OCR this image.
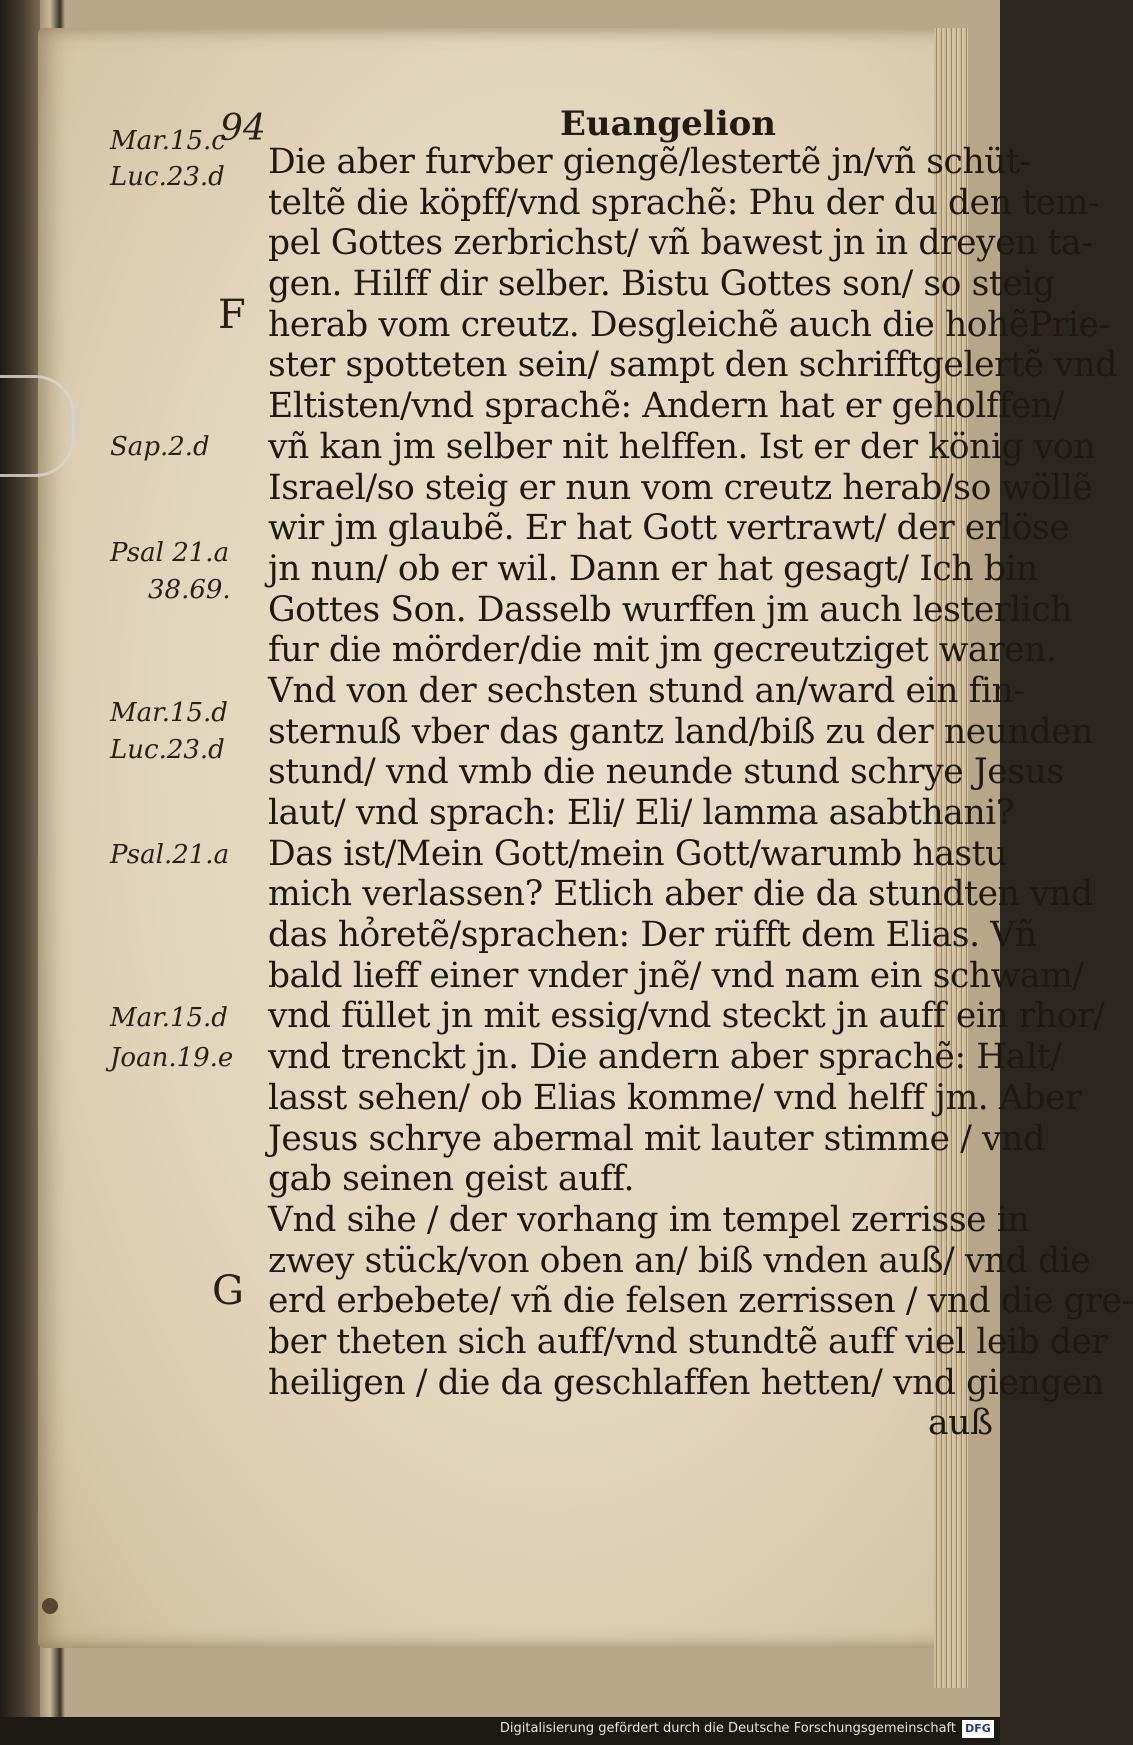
94	Euangelion
Mar.15.c
Luc.23.d
F
Sap.2.d
Psal 21.a
38.69.
Mar.15.d
Luc.23.d
Psal.21.a
Mar.15.d
Joan.19.e
G
Die aber furvber giengẽ/lestertẽ jn/vñ schüt-
teltẽ die köpff/vnd sprachẽ: Phu der du den tem-
pel Gottes zerbrichst/ vñ bawest jn in dreyen ta-
gen. Hilff dir selber. Bistu Gottes son/ so steig
herab vom creutz. Desgleichẽ auch die hohẽPrie-
ster spotteten sein/ sampt den schrifftgelertẽ vnd
Eltisten/vnd sprachẽ: Andern hat er geholffen/
vñ kan jm selber nit helffen. Ist er der könig von
Israel/so steig er nun vom creutz herab/so wöllẽ
wir jm glaubẽ. Er hat Gott vertrawt/ der erlöse
jn nun/ ob er wil. Dann er hat gesagt/ Ich bin
Gottes Son. Dasselb wurffen jm auch lesterlich
fur die mörder/die mit jm gecreutziget waren.
Vnd von der sechsten stund an/ward ein fin-
sternuß vber das gantz land/biß zu der neunden
stund/ vnd vmb die neunde stund schrye Jesus
laut/ vnd sprach: Eli/ Eli/ lamma asabthani?
Das ist/Mein Gott/mein Gott/warumb hastu
mich verlassen? Etlich aber die da stundten vnd
das hỏretẽ/sprachen: Der rüfft dem Elias. Vñ
bald lieff einer vnder jnẽ/ vnd nam ein schwam/
vnd füllet jn mit essig/vnd steckt jn auff ein rhor/
vnd trenckt jn. Die andern aber sprachẽ: Halt/
lasst sehen/ ob Elias komme/ vnd helff jm. Aber
Jesus schrye abermal mit lauter stimme / vnd
gab seinen geist auff.
Vnd sihe / der vorhang im tempel zerrisse in
zwey stück/von oben an/ biß vnden auß/ vnd die
erd erbebete/ vñ die felsen zerrissen / vnd die gre-
ber theten sich auff/vnd stundtẽ auff viel leib der
heiligen / die da geschlaffen hetten/ vnd giengen
auß
Digitalisierung gefördert durch die Deutsche Forschungsgemeinschaft DFG
